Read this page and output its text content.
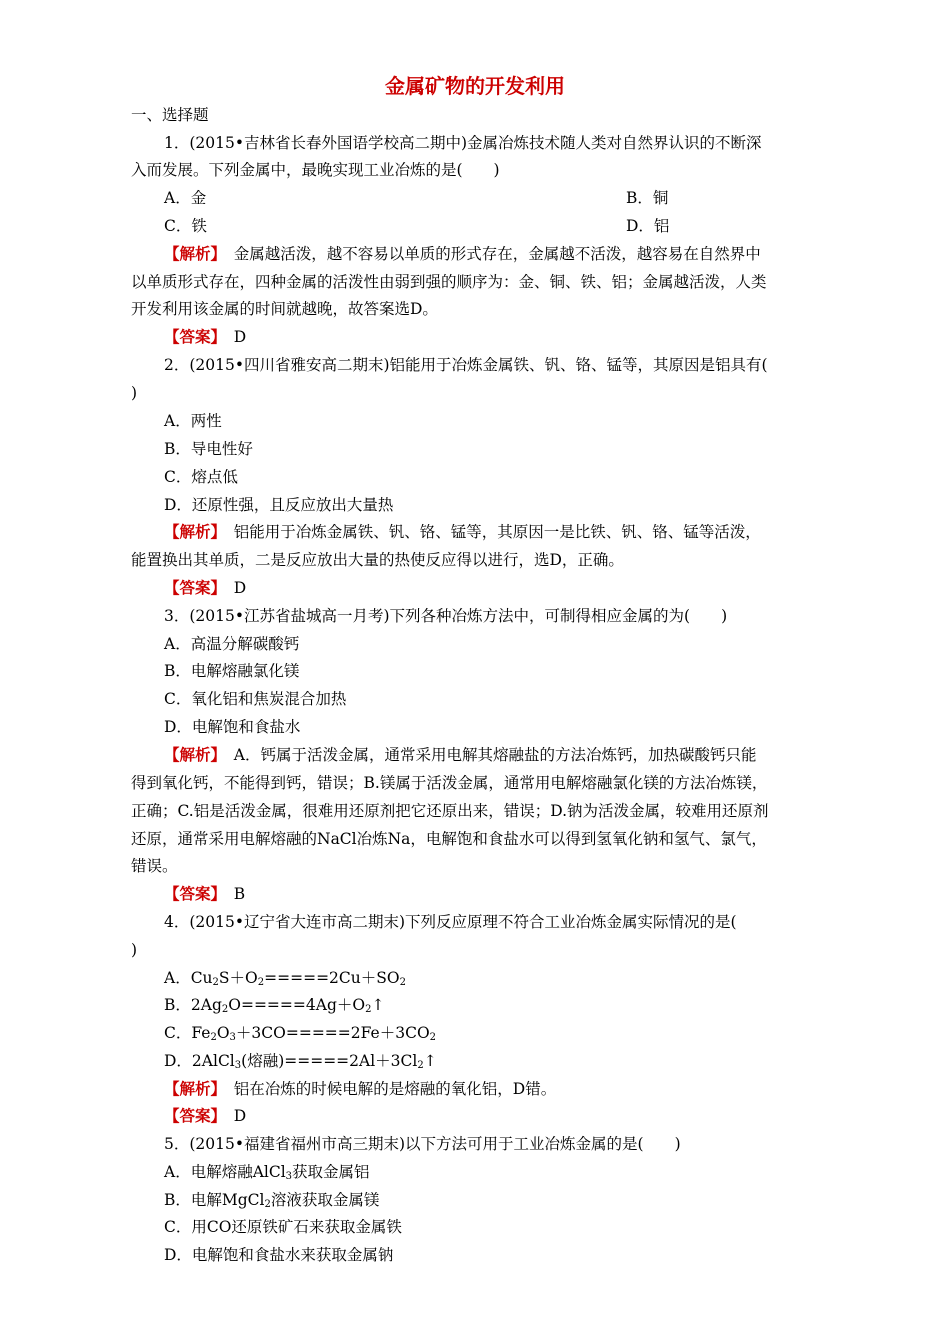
金属矿物的开发利用
一、选择题
1．(2015•吉林省长春外国语学校高二期中)金属冶炼技术随人类对自然界认识的不断深
入而发展。下列金属中，最晚实现工业冶炼的是(　　)
A．金	B．铜
C．铁	D．铝
【解析】　金属越活泼，越不容易以单质的形式存在，金属越不活泼，越容易在自然界中
以单质形式存在，四种金属的活泼性由弱到强的顺序为：金、铜、铁、铝；金属越活泼，人类
开发利用该金属的时间就越晚，故答案选D。
【答案】　D
2．(2015•四川省雅安高二期末)铝能用于冶炼金属铁、钒、铬、锰等，其原因是铝具有(
)
A．两性
B．导电性好
C．熔点低
D．还原性强，且反应放出大量热
【解析】　铝能用于冶炼金属铁、钒、铬、锰等，其原因一是比铁、钒、铬、锰等活泼，
能置换出其单质，二是反应放出大量的热使反应得以进行，选D，正确。
【答案】　D
3．(2015•江苏省盐城高一月考)下列各种冶炼方法中，可制得相应金属的为(　　)
A．高温分解碳酸钙
B．电解熔融氯化镁
C．氧化铝和焦炭混合加热
D．电解饱和食盐水
【解析】　A．钙属于活泼金属，通常采用电解其熔融盐的方法冶炼钙，加热碳酸钙只能
得到氧化钙，不能得到钙，错误；B.镁属于活泼金属，通常用电解熔融氯化镁的方法冶炼镁，
正确；C.铝是活泼金属，很难用还原剂把它还原出来，错误；D.钠为活泼金属，较难用还原剂
还原，通常采用电解熔融的NaCl冶炼Na，电解饱和食盐水可以得到氢氧化钠和氢气、氯气，
错误。
【答案】　B
4．(2015•辽宁省大连市高二期末)下列反应原理不符合工业冶炼金属实际情况的是(
)
A．$Cu_2S+O_2=====2Cu+SO_2$
B．$2Ag_2O=====4Ag+O_2↑$
C．$Fe_2O_3+3CO=====2Fe+3CO_2$
D．2AlCl$_3$(熔融)$=====2Al+3Cl_2↑$
【解析】　铝在冶炼的时候电解的是熔融的氧化铝，D错。
【答案】　D
5．(2015•福建省福州市高三期末)以下方法可用于工业冶炼金属的是(　　)
A．电解熔融AlCl$_3$获取金属铝
B．电解MgCl$_2$溶液获取金属镁
C．用CO还原铁矿石来获取金属铁
D．电解饱和食盐水来获取金属钠
